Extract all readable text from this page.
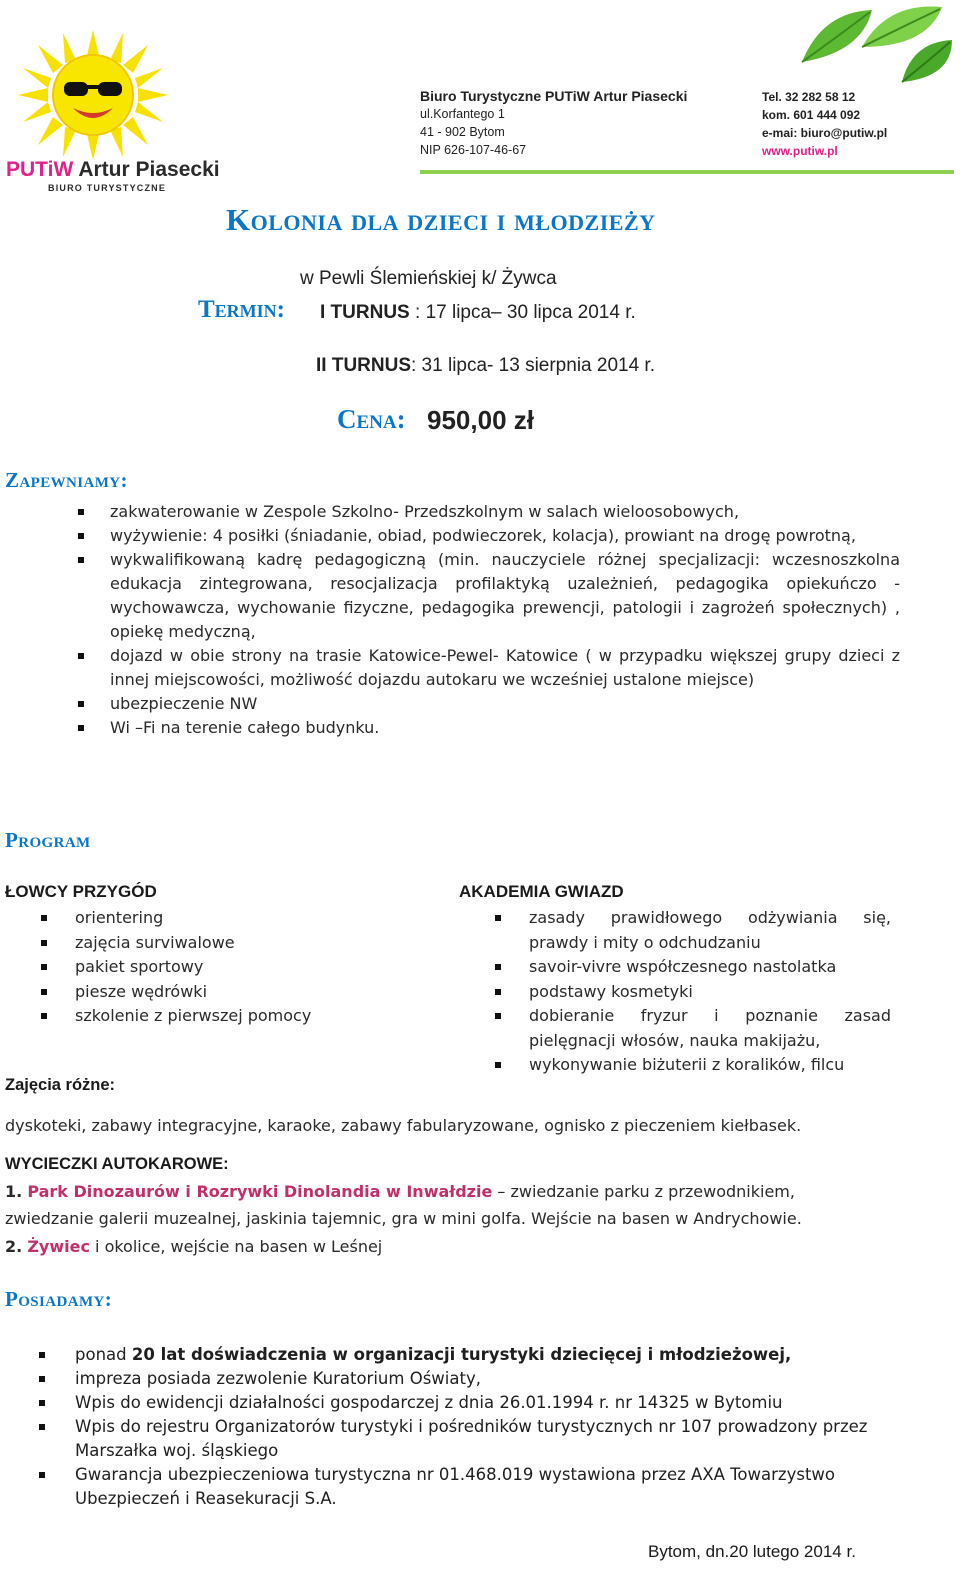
PUTiW Artur Piasecki
BIURO TURYSTYCZNE
Biuro Turystyczne PUTiW Artur Piasecki
ul.Korfantego 1
41 - 902 Bytom
NIP 626-107-46-67
Tel. 32 282 58 12
kom. 601 444 092
e-mai: biuro@putiw.pl
www.putiw.pl
Kolonia dla dzieci i młodzieży
w Pewli Ślemieńskiej k/ Żywca
Termin: I TURNUS : 17 lipca– 30 lipca 2014 r.
II TURNUS: 31 lipca- 13 sierpnia 2014 r.
Cena: 950,00 zł
Zapewniamy:
zakwaterowanie w Zespole Szkolno- Przedszkolnym w salach wieloosobowych,
wyżywienie: 4 posiłki (śniadanie, obiad, podwieczorek, kolacja), prowiant na drogę powrotną,
wykwalifikowaną kadrę pedagogiczną (min. nauczyciele różnej specjalizacji: wczesnoszkolna edukacja zintegrowana, resocjalizacja profilaktyką uzależnień, pedagogika opiekuńczo - wychowawcza, wychowanie fizyczne, pedagogika prewencji, patologii i zagrożeń społecznych) , opiekę medyczną,
dojazd w obie strony na trasie Katowice-Pewel- Katowice ( w przypadku większej grupy dzieci z innej miejscowości, możliwość dojazdu autokaru we wcześniej ustalone miejsce)
ubezpieczenie NW
Wi –Fi na terenie całego budynku.
Program
ŁOWCY PRZYGÓD
orientering
zajęcia surviwalowe
pakiet sportowy
piesze wędrówki
szkolenie z pierwszej pomocy
AKADEMIA GWIAZD
zasady prawidłowego odżywiania się, prawdy i mity o odchudzaniu
savoir-vivre współczesnego nastolatka
podstawy kosmetyki
dobieranie fryzur i poznanie zasad pielęgnacji włosów, nauka makijażu,
wykonywanie biżuterii z koralików, filcu
Zajęcia różne:
dyskoteki, zabawy integracyjne, karaoke, zabawy fabularyzowane, ognisko z pieczeniem kiełbasek.
WYCIECZKI AUTOKAROWE:
1. Park Dinozaurów i Rozrywki Dinolandia w Inwałdzie – zwiedzanie parku z przewodnikiem,
zwiedzanie galerii muzealnej, jaskinia tajemnic, gra w mini golfa. Wejście na basen w Andrychowie.
2. Żywiec i okolice, wejście na basen w Leśnej
Posiadamy:
ponad 20 lat doświadczenia w organizacji turystyki dziecięcej i młodzieżowej,
impreza posiada zezwolenie Kuratorium Oświaty,
Wpis do ewidencji działalności gospodarczej z dnia 26.01.1994 r. nr 14325 w Bytomiu
Wpis do rejestru Organizatorów turystyki i pośredników turystycznych nr 107 prowadzony przez Marszałka woj. śląskiego
Gwarancja ubezpieczeniowa turystyczna nr 01.468.019 wystawiona przez AXA Towarzystwo Ubezpieczeń i Reasekuracji S.A.
Bytom, dn.20 lutego 2014 r.
